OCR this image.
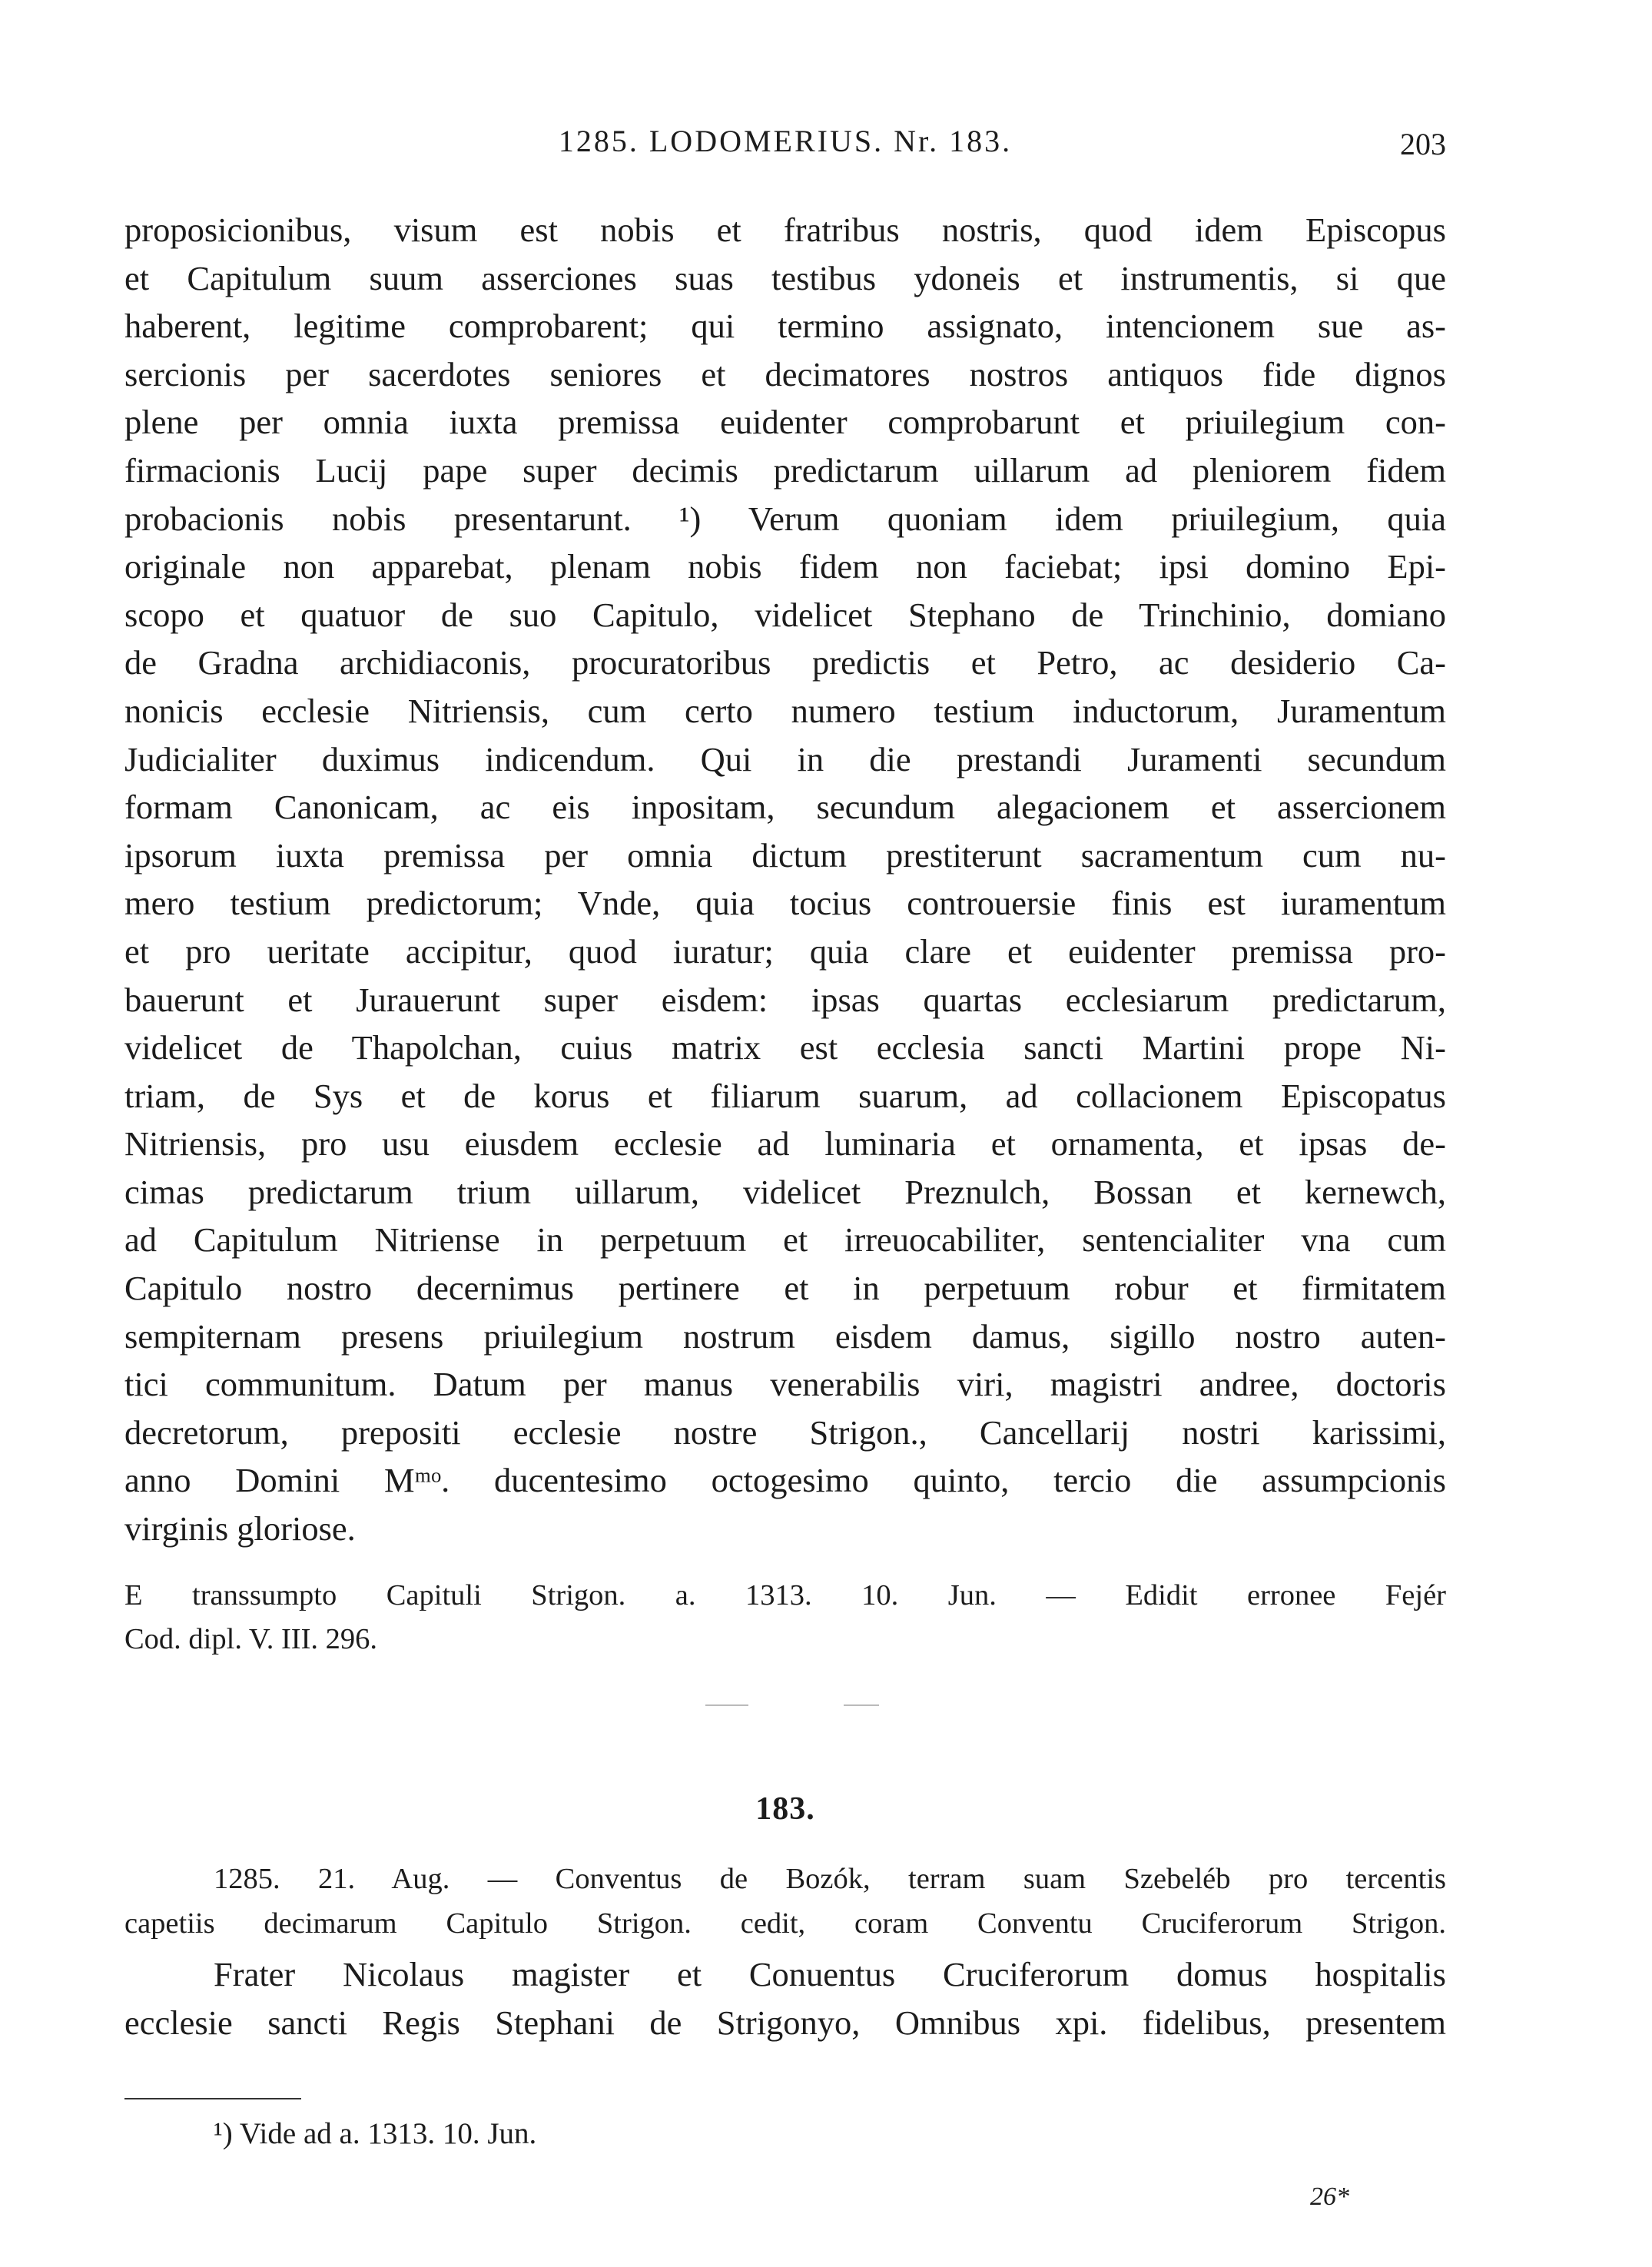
1285. LODOMERIUS. Nr. 183.	203
proposicionibus, visum est nobis et fratribus nostris, quod idem Episcopus
et Capitulum suum asserciones suas testibus ydoneis et instrumentis, si que
haberent, legitime comprobarent; qui termino assignato, intencionem sue as-
sercionis per sacerdotes seniores et decimatores nostros antiquos fide dignos
plene per omnia iuxta premissa euidenter comprobarunt et priuilegium con-
firmacionis Lucij pape super decimis predictarum uillarum ad pleniorem fidem
probacionis nobis presentarunt. ¹) Verum quoniam idem priuilegium, quia
originale non apparebat, plenam nobis fidem non faciebat; ipsi domino Epi-
scopo et quatuor de suo Capitulo, videlicet Stephano de Trinchinio, domiano
de Gradna archidiaconis, procuratoribus predictis et Petro, ac desiderio Ca-
nonicis ecclesie Nitriensis, cum certo numero testium inductorum, Juramentum
Judicialiter duximus indicendum. Qui in die prestandi Juramenti secundum
formam Canonicam, ac eis inpositam, secundum alegacionem et assercionem
ipsorum iuxta premissa per omnia dictum prestiterunt sacramentum cum nu-
mero testium predictorum; Vnde, quia tocius controuersie finis est iuramentum
et pro ueritate accipitur, quod iuratur; quia clare et euidenter premissa pro-
bauerunt et Jurauerunt super eisdem: ipsas quartas ecclesiarum predictarum,
videlicet de Thapolchan, cuius matrix est ecclesia sancti Martini prope Ni-
triam, de Sys et de korus et filiarum suarum, ad collacionem Episcopatus
Nitriensis, pro usu eiusdem ecclesie ad luminaria et ornamenta, et ipsas de-
cimas predictarum trium uillarum, videlicet Preznulch, Bossan et kernewch,
ad Capitulum Nitriense in perpetuum et irreuocabiliter, sentencialiter vna cum
Capitulo nostro decernimus pertinere et in perpetuum robur et firmitatem
sempiternam presens priuilegium nostrum eisdem damus, sigillo nostro auten-
tici communitum. Datum per manus venerabilis viri, magistri andree, doctoris
decretorum, prepositi ecclesie nostre Strigon., Cancellarij nostri karissimi,
anno Domini Mᵐᵒ. ducentesimo octogesimo quinto, tercio die assumpcionis
virginis gloriose.
E transsumpto Capituli Strigon. a. 1313. 10. Jun. — Edidit erronee Fejér
Cod. dipl. V. III. 296.
183.
1285. 21. Aug. — Conventus de Bozók, terram suam Szebeléb pro tercentis
capetiis decimarum Capitulo Strigon. cedit, coram Conventu Cruciferorum Strigon.
Frater Nicolaus magister et Conuentus Cruciferorum domus hospitalis
ecclesie sancti Regis Stephani de Strigonyo, Omnibus xpi. fidelibus, presentem
¹) Vide ad a. 1313. 10. Jun.
26*
